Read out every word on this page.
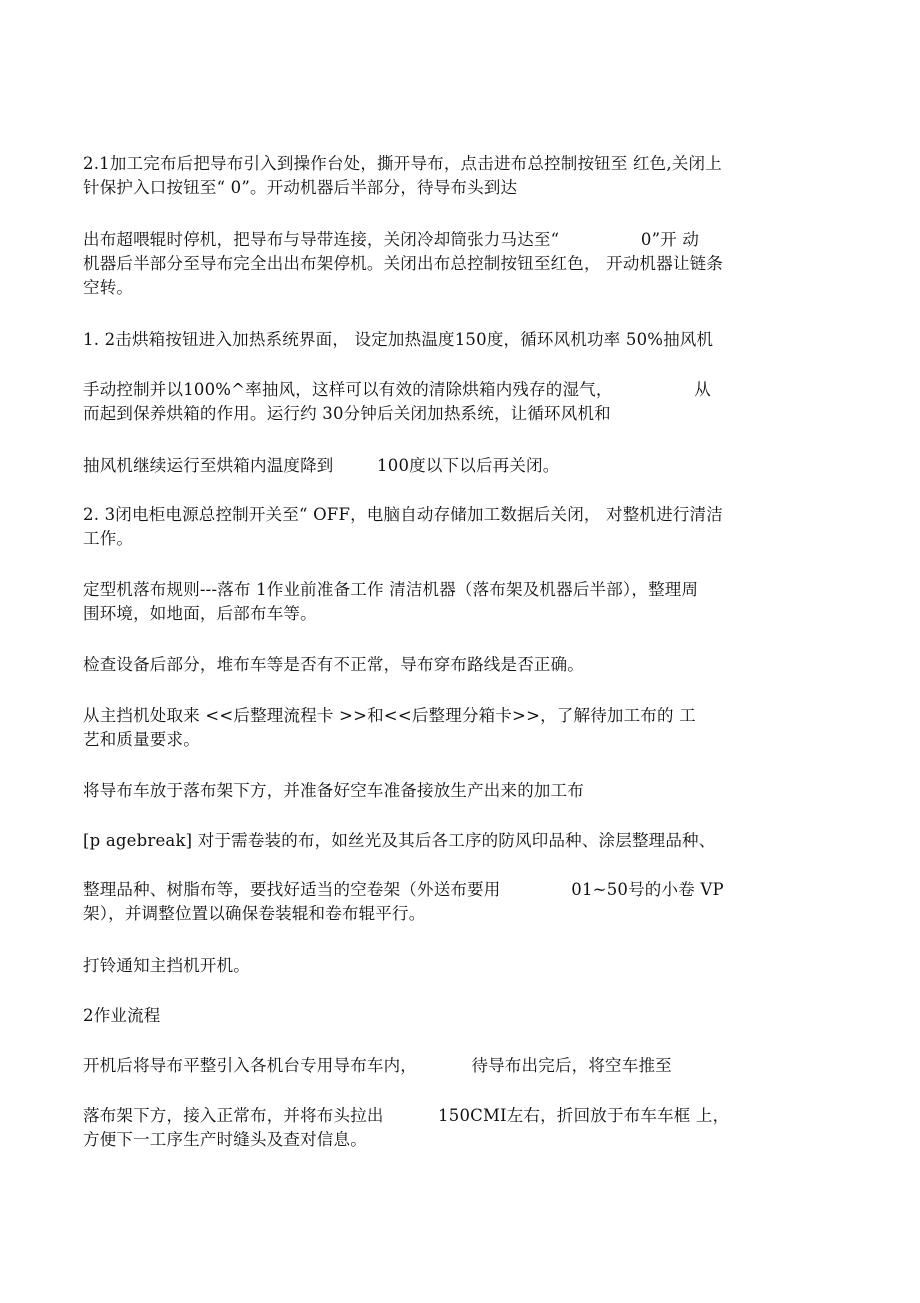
2.1加工完布后把导布引入到操作台处，撕开导布，点击进布总控制按钮至 红色,关闭上
针保护入口按钮至“ 0”。开动机器后半部分，待导布头到达
出布超喂辊时停机，把导布与导带连接，关闭冷却筒张力马达至“               0”开 动
机器后半部分至导布完全出出布架停机。关闭出布总控制按钮至红色， 开动机器让链条
空转。
1. 2击烘箱按钮进入加热系统界面， 设定加热温度150度，循环风机功率 50%抽风机
手动控制并以100%^率抽风，这样可以有效的清除烘箱内残存的湿气，               从
而起到保养烘箱的作用。运行约 30分钟后关闭加热系统，让循环风机和
抽风机继续运行至烘箱内温度降到        100度以下以后再关闭。
2. 3闭电柜电源总控制开关至“ OFF，电脑自动存储加工数据后关闭， 对整机进行清洁
工作。
定型机落布规则---落布 1作业前准备工作 清洁机器（落布架及机器后半部），整理周
围环境，如地面，后部布车等。
检查设备后部分，堆布车等是否有不正常，导布穿布路线是否正确。
从主挡机处取来 <<后整理流程卡 >>和<<后整理分箱卡>>，了解待加工布的 工
艺和质量要求。
将导布车放于落布架下方，并准备好空车准备接放生产出来的加工布
[p agebreak] 对于需卷装的布，如丝光及其后各工序的防风印品种、涂层整理品种、
整理品种、树脂布等，要找好适当的空卷架（外送布要用             01~50号的小卷 VP
架），并调整位置以确保卷装辊和卷布辊平行。
打铃通知主挡机开机。
2作业流程
开机后将导布平整引入各机台专用导布车内，          待导布出完后，将空车推至
落布架下方，接入正常布，并将布头拉出          150CMI左右，折回放于布车车框 上，
方便下一工序生产时缝头及查对信息。
